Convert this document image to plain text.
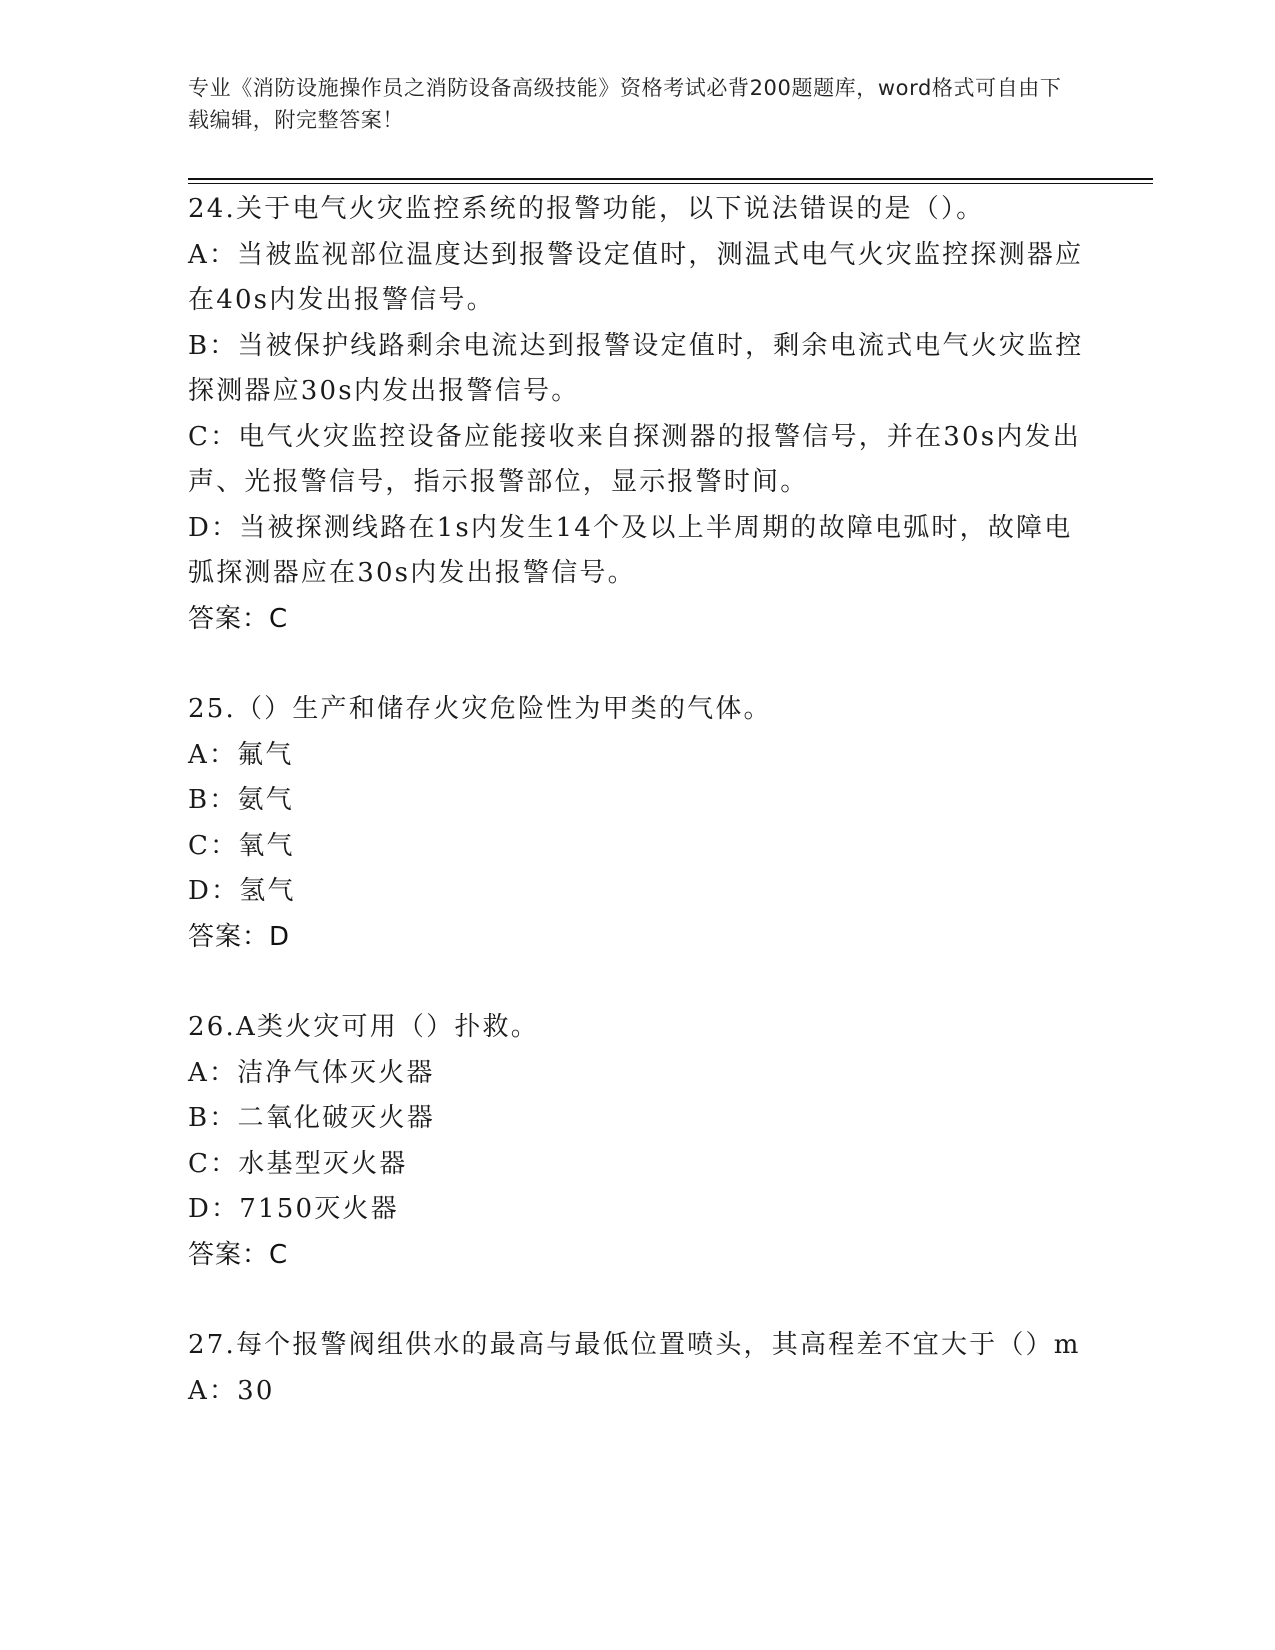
专业《消防设施操作员之消防设备高级技能》资格考试必背200题题库，word格式可自由下载编辑，附完整答案！
24.关于电气火灾监控系统的报警功能，以下说法错误的是（）。
A：当被监视部位温度达到报警设定值时，测温式电气火灾监控探测器应在40s内发出报警信号。
B：当被保护线路剩余电流达到报警设定值时，剩余电流式电气火灾监控探测器应30s内发出报警信号。
C：电气火灾监控设备应能接收来自探测器的报警信号，并在30s内发出声、光报警信号，指示报警部位，显示报警时间。
D：当被探测线路在1s内发生14个及以上半周期的故障电弧时，故障电弧探测器应在30s内发出报警信号。
答案：C
25.（）生产和储存火灾危险性为甲类的气体。
A：氟气
B：氨气
C：氧气
D：氢气
答案：D
26.A类火灾可用（）扑救。
A：洁净气体灭火器
B：二氧化破灭火器
C：水基型灭火器
D：7150灭火器
答案：C
27.每个报警阀组供水的最高与最低位置喷头，其高程差不宜大于（）m
A：30
